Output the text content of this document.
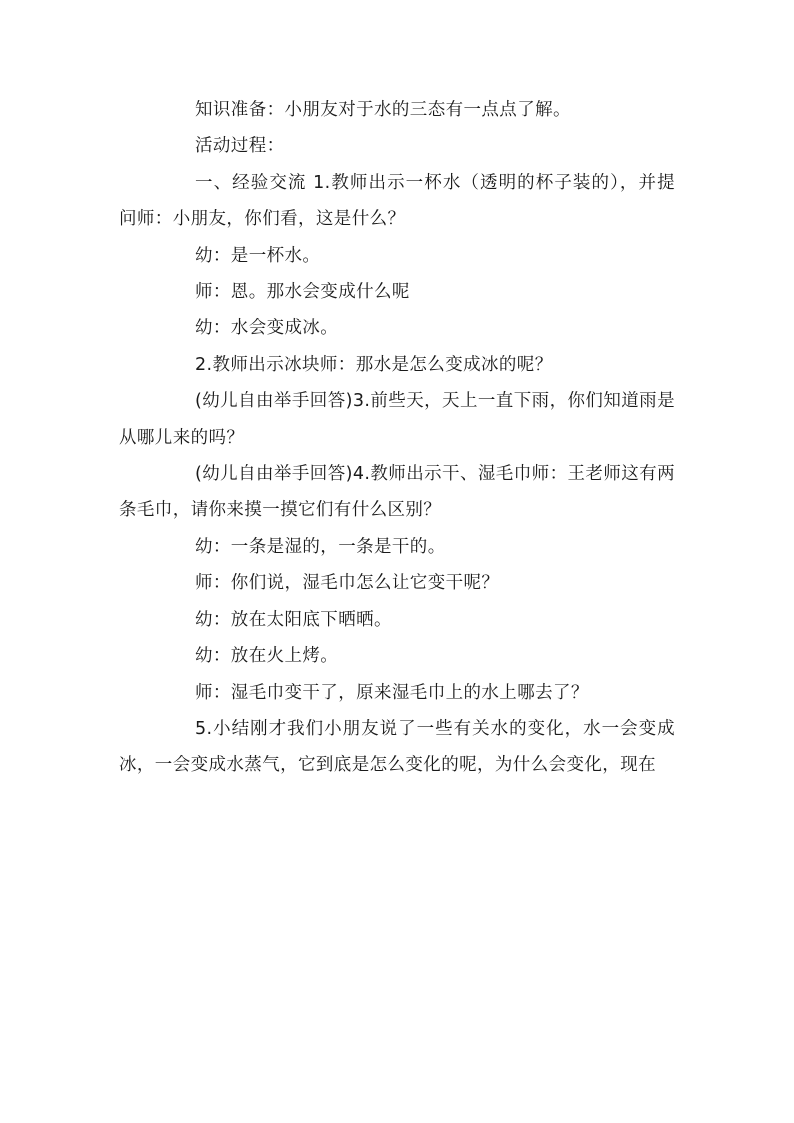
知识准备：小朋友对于水的三态有一点点了解。

活动过程：

一、经验交流 1.教师出示一杯水（透明的杯子装的），并提问师：小朋友，你们看，这是什么？

幼：是一杯水。

师：恩。那水会变成什么呢

幼：水会变成冰。

2.教师出示冰块师：那水是怎么变成冰的呢？

(幼儿自由举手回答)3.前些天，天上一直下雨，你们知道雨是从哪儿来的吗？

(幼儿自由举手回答)4.教师出示干、湿毛巾师：王老师这有两条毛巾，请你来摸一摸它们有什么区别？

幼：一条是湿的，一条是干的。

师：你们说，湿毛巾怎么让它变干呢？

幼：放在太阳底下晒晒。

幼：放在火上烤。

师：湿毛巾变干了，原来湿毛巾上的水上哪去了？

5.小结刚才我们小朋友说了一些有关水的变化，水一会变成冰，一会变成水蒸气，它到底是怎么变化的呢，为什么会变化，现在
